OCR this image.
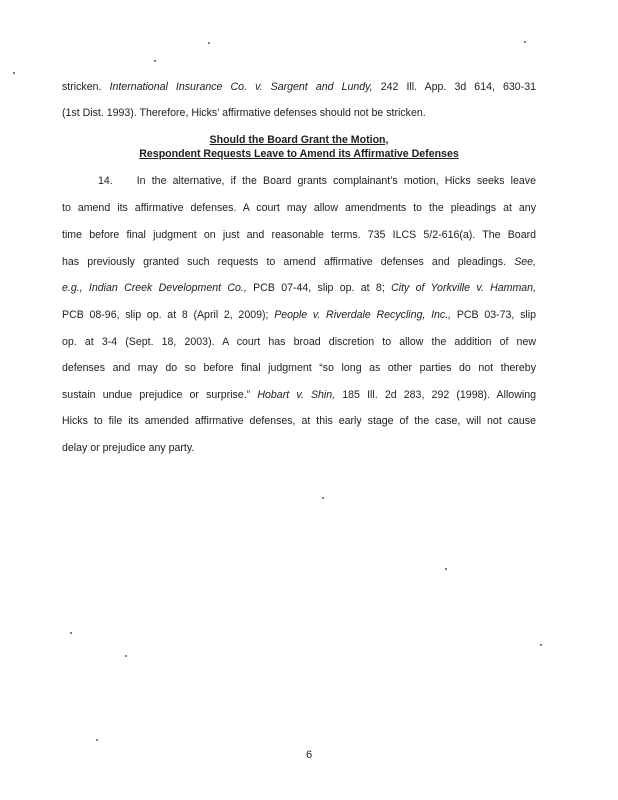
stricken. International Insurance Co. v. Sargent and Lundy, 242 Ill. App. 3d 614, 630-31
(1st Dist. 1993). Therefore, Hicks’ affirmative defenses should not be stricken.
Should the Board Grant the Motion,
Respondent Requests Leave to Amend its Affirmative Defenses
14. In the alternative, if the Board grants complainant’s motion, Hicks seeks leave
to amend its affirmative defenses. A court may allow amendments to the pleadings at any
time before final judgment on just and reasonable terms. 735 ILCS 5/2-616(a). The Board
has previously granted such requests to amend affirmative defenses and pleadings. See,
e.g., Indian Creek Development Co., PCB 07-44, slip op. at 8; City of Yorkville v. Hamman,
PCB 08-96, slip op. at 8 (April 2, 2009); People v. Riverdale Recycling, Inc., PCB 03-73, slip
op. at 3-4 (Sept. 18, 2003). A court has broad discretion to allow the addition of new
defenses and may do so before final judgment “so long as other parties do not thereby
sustain undue prejudice or surprise.” Hobart v. Shin, 185 Ill. 2d 283, 292 (1998). Allowing
Hicks to file its amended affirmative defenses, at this early stage of the case, will not cause
delay or prejudice any party.
6
